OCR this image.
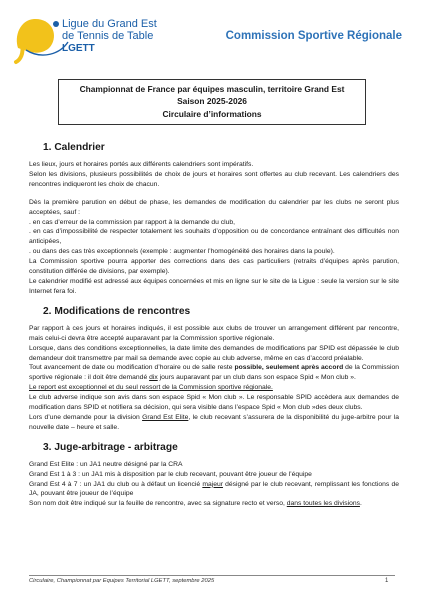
Ligue du Grand Est
de Tennis de Table
LGETT
Commission Sportive Régionale
Championnat de France par équipes masculin, territoire Grand Est
Saison 2025-2026
Circulaire d’informations
1. Calendrier

Les lieux, jours et horaires portés aux différents calendriers sont impératifs.

Selon les divisions, plusieurs possibilités de choix de jours et horaires sont offertes au club recevant. Les calendriers des rencontres indiqueront les choix de chacun.

Dès la première parution en début de phase, les demandes de modification du calendrier par les clubs ne seront plus acceptées, sauf :

. en cas d’erreur de la commission par rapport à la demande du club,

. en cas d’impossibilité de respecter totalement les souhaits d’opposition ou de concordance entraînant des difficultés non anticipées,

. ou dans des cas très exceptionnels (exemple : augmenter l’homogénéité des horaires dans la poule).

La Commission sportive pourra apporter des corrections dans des cas particuliers (retraits d’équipes après parution, constitution différée de divisions, par exemple).

Le calendrier modifié est adressé aux équipes concernées et mis en ligne sur le site de la Ligue : seule la version sur le site Internet fera foi.

2. Modifications de rencontres

Par rapport à ces jours et horaires indiqués, il est possible aux clubs de trouver un arrangement différent par rencontre, mais celui-ci devra être accepté auparavant par la Commission sportive régionale.

Lorsque, dans des conditions exceptionnelles, la date limite des demandes de modifications par SPID est dépassée le club demandeur doit transmettre par mail sa demande avec copie au club adverse, même en cas d’accord préalable.

Tout avancement de date ou modification d’horaire ou de salle reste possible, seulement après accord de la Commission sportive régionale : il doit être demandé dix jours auparavant par un club dans son espace Spid « Mon club ».

Le report est exceptionnel et du seul ressort de la Commission sportive régionale.

Le club adverse indique son avis dans son espace Spid « Mon club ». Le responsable SPID accèdera aux demandes de modification dans SPID et notifiera sa décision, qui sera visible dans l’espace Spid « Mon club »des deux clubs.

Lors d’une demande pour la division Grand Est Elite, le club recevant s’assurera de la disponibilité du juge-arbitre pour la nouvelle date – heure et salle.

3. Juge-arbitrage - arbitrage

Grand Est Elite : un JA1 neutre désigné par la CRA

Grand Est 1 à 3 : un JA1 mis à disposition par le club recevant, pouvant être joueur de l’équipe

Grand Est 4 à 7 : un JA1 du club ou à défaut un licencié majeur désigné par le club recevant, remplissant les fonctions de JA, pouvant être joueur de l’équipe

Son nom doit être indiqué sur la feuille de rencontre, avec sa signature recto et verso, dans toutes les divisions.

Circulaire, Championnat par Equipes Territorial LGETT, septembre 2025	1
